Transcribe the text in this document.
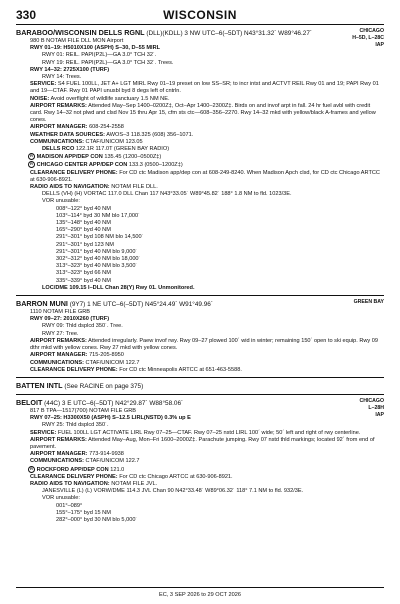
330	WISCONSIN
CHICAGO
H–5D, L–28C
IAP
BARABOO/WISCONSIN DELLS RGNL (DLL)(KDLL) 3 NW UTC–6(–5DT) N43°31.32´ W89°46.27´
980 B NOTAM FILE DLL MON Airport
RWY 01–19: H5010X100 (ASPH) S–30, D–55 MIRL
RWY 01: REIL. PAPI(P2L)—GA 3.0° TCH 32´.
RWY 19: REIL. PAPI(P2L)—GA 3.0° TCH 32´. Trees.
RWY 14–32: 2725X100 (TURF)
RWY 14: Trees.
SERVICE: S4 FUEL 100LL, JET A+ LGT MIRL Rwy 01–19 preset on low SS–SR; to incr intst and ACTVT REIL Rwy 01 and 19; PAPI Rwy 01 and 19—CTAF. Rwy 01 PAPI unusbl byd 8 degs left of cntrln.
NOISE: Avoid overflight of wildlife sanctuary 1.5 NM NE.
AIRPORT REMARKS: Attended May–Sep 1400–0200Z‡, Oct–Apr 1400–2300Z‡. Birds on and invof arpt in fall. 24 hr fuel avbl with credit card. Rwy 14–32 not plwd and clsd Nov 15 thru Apr 15, cfm sts ctc—608–356–2270. Rwy 14–32 mkd with yellow/black A-frames and yellow cones.
AIRPORT MANAGER: 608-254-2558
WEATHER DATA SOURCES: AWOS–3 118.325 (608) 356–1071.
COMMUNICATIONS: CTAF/UNICOM 123.05
DELLS RCO 122.1R 117.0T (GREEN BAY RADIO)
R MADISON APP/DEP CON 135.45 (1200–0500Z‡)
R CHICAGO CENTER APP/DEP CON 133.3 (0500–1200Z‡)
CLEARANCE DELIVERY PHONE: For CD ctc Madison app/dep con at 608-249-8240. When Madison Apch clsd, for CD ctc Chicago ARTCC at 630-906-8921.
RADIO AIDS TO NAVIGATION: NOTAM FILE DLL.
DELLS (VH) (H) VORTAC 117.0 DLL Chan 117 N43°33.05´ W89°45.82´ 188° 1.8 NM to fld. 1023/3E.
VOR unusable:
008°–122° byd 40 NM
103°–114° byd 30 NM blo 17,000´
135°–148° byd 40 NM
165°–290° byd 40 NM
291°–301° byd 108 NM blo 14,500´
291°–301° byd 123 NM
291°–301° byd 40 NM blo 9,000´
302°–312° byd 40 NM blo 18,000´
313°–323° byd 40 NM blo 3,500´
313°–323° byd 66 NM
335°–339° byd 40 NM
LOC/DME 109.15 I–DLL Chan 28(Y) Rwy 01. Unmonitored.
GREEN BAY
BARRON MUNI (9Y7) 1 NE UTC–6(–5DT) N45°24.49´ W91°49.96´
1110 NOTAM FILE GRB
RWY 09–27: 2010X260 (TURF)
RWY 09: Thld dsplcd 350´. Tree.
RWY 27: Tree.
AIRPORT REMARKS: Attended irregularly. Paew invof rwy. Rwy 09–27 plowed 100´ wid in winter; remaining 150´ open to ski equip. Rwy 09 dthr mkd with yellow cones. Rwy 27 mkd with yellow cones.
AIRPORT MANAGER: 715-205-8950
COMMUNICATIONS: CTAF/UNICOM 122.7
CLEARANCE DELIVERY PHONE: For CD ctc Minneapolis ARTCC at 651-463-5588.
BATTEN INTL (See RACINE on page 375)
CHICAGO
L–28H
IAP
BELOIT (44C) 3 E UTC–6(–5DT) N42°29.87´ W88°58.06´
817 B TPA—1517(700) NOTAM FILE GRB
RWY 07–25: H3300X50 (ASPH) S–12.5 LIRL(NSTD) 0.3% up E
RWY 25: Thld dsplcd 350´.
SERVICE: FUEL 100LL LGT ACTIVATE LIRL Rwy 07–25—CTAF. Rwy 07–25 nstd LIRL 100´ wide; 50´ left and right of rwy centerline.
AIRPORT REMARKS: Attended May–Aug, Mon–Fri 1600–2000Z‡. Parachute jumping. Rwy 07 nstd thld markings; located 92´ from end of pavement.
AIRPORT MANAGER: 773-914-9938
COMMUNICATIONS: CTAF/UNICOM 122.7
R ROCKFORD APP/DEP CON 121.0
CLEARANCE DELIVERY PHONE: For CD ctc Chicago ARTCC at 630-906-8921.
RADIO AIDS TO NAVIGATION: NOTAM FILE JVL.
JANESVILLE (L) (L) VORW/DME 114.3 JVL Chan 90 N42°33.48´ W89°06.32´ 118° 7.1 NM to fld. 932/3E.
VOR unusable:
001°–089°
155°–175° byd 15 NM
282°–000° byd 30 NM blo 5,000´
EC, 3 SEP 2026 to 29 OCT 2026
